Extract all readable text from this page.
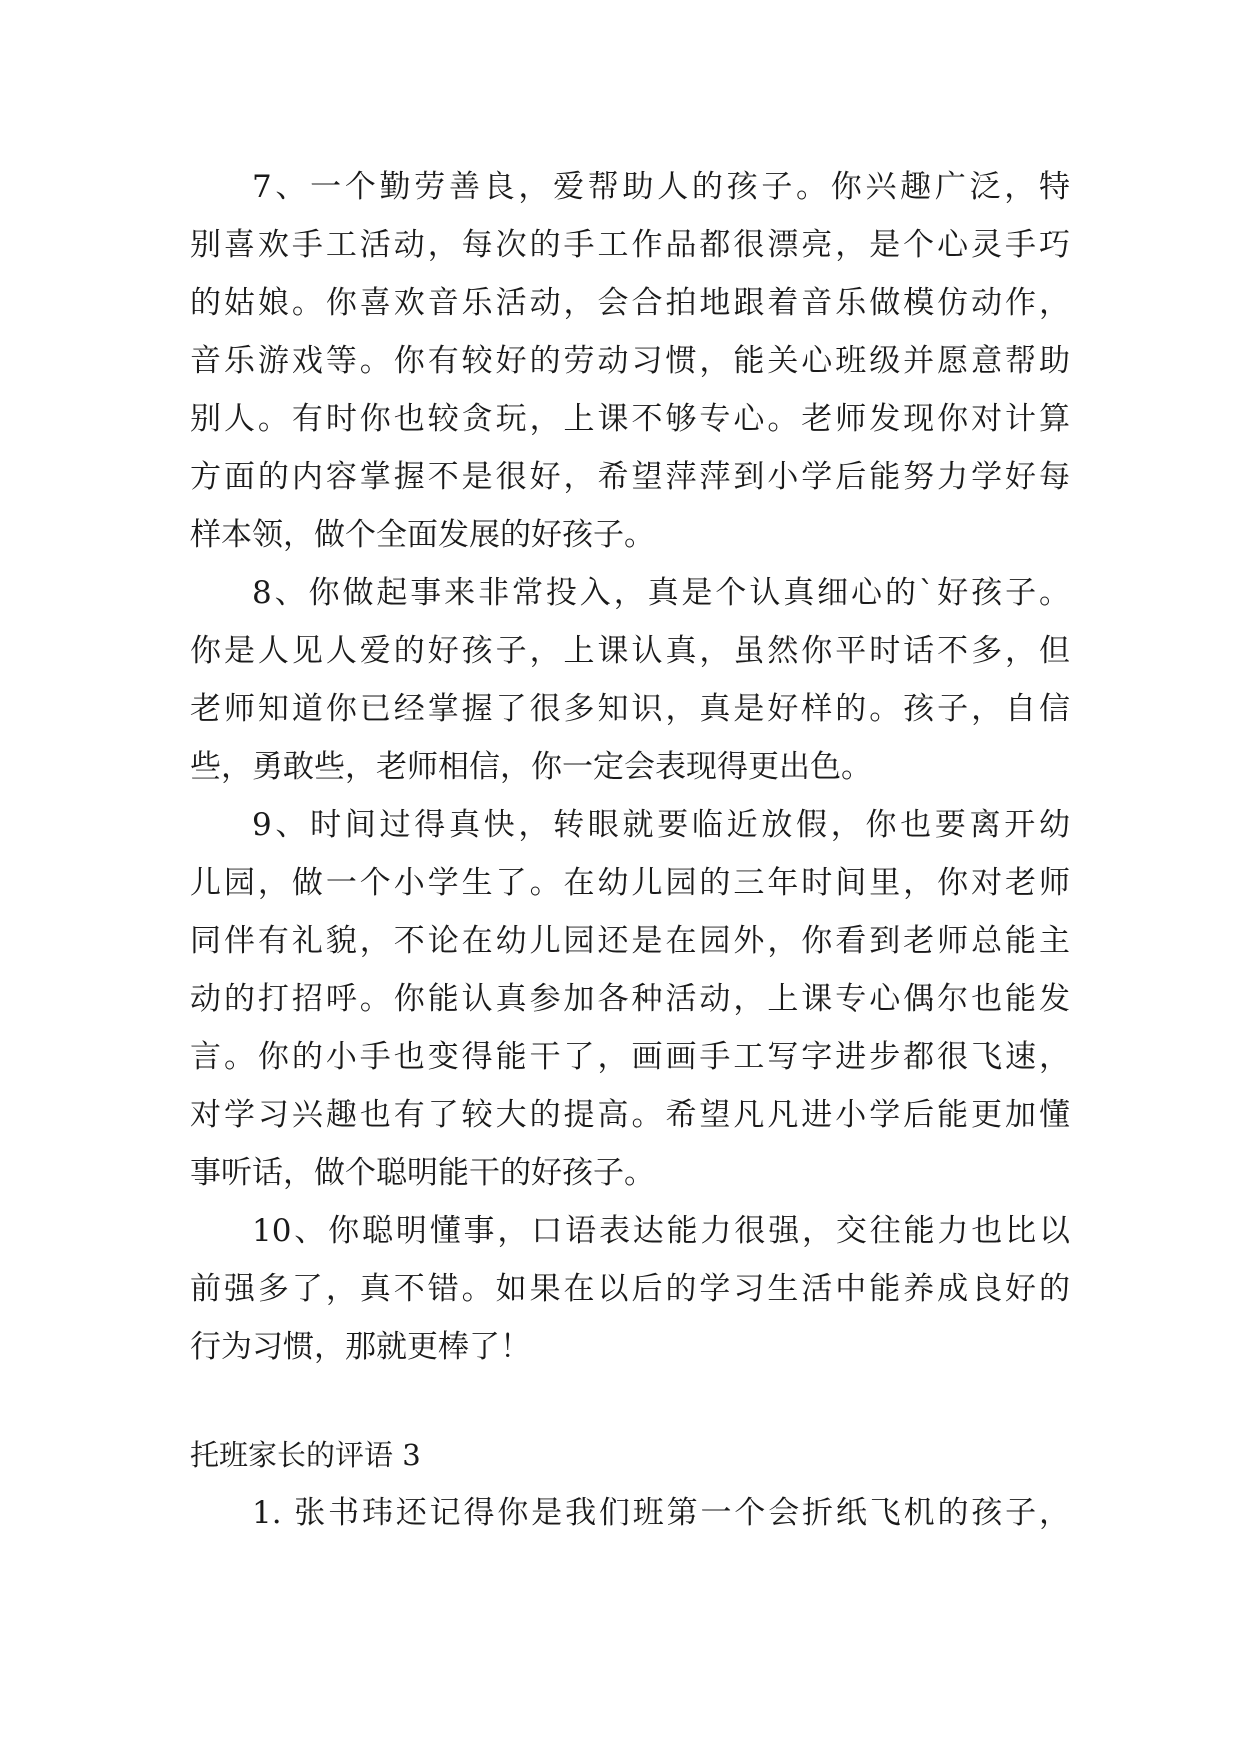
7、一个勤劳善良，爱帮助人的孩子。你兴趣广泛，特
别喜欢手工活动，每次的手工作品都很漂亮，是个心灵手巧
的姑娘。你喜欢音乐活动，会合拍地跟着音乐做模仿动作，
音乐游戏等。你有较好的劳动习惯，能关心班级并愿意帮助
别人。有时你也较贪玩，上课不够专心。老师发现你对计算
方面的内容掌握不是很好，希望萍萍到小学后能努力学好每
样本领，做个全面发展的好孩子。
8、你做起事来非常投入，真是个认真细心的`好孩子。
你是人见人爱的好孩子，上课认真，虽然你平时话不多，但
老师知道你已经掌握了很多知识，真是好样的。孩子，自信
些，勇敢些，老师相信，你一定会表现得更出色。
9、时间过得真快，转眼就要临近放假，你也要离开幼
儿园，做一个小学生了。在幼儿园的三年时间里，你对老师
同伴有礼貌，不论在幼儿园还是在园外，你看到老师总能主
动的打招呼。你能认真参加各种活动，上课专心偶尔也能发
言。你的小手也变得能干了，画画手工写字进步都很飞速，
对学习兴趣也有了较大的提高。希望凡凡进小学后能更加懂
事听话，做个聪明能干的好孩子。
10、你聪明懂事，口语表达能力很强，交往能力也比以
前强多了，真不错。如果在以后的学习生活中能养成良好的
行为习惯，那就更棒了！
托班家长的评语 3
1. 张书玮还记得你是我们班第一个会折纸飞机的孩子，
